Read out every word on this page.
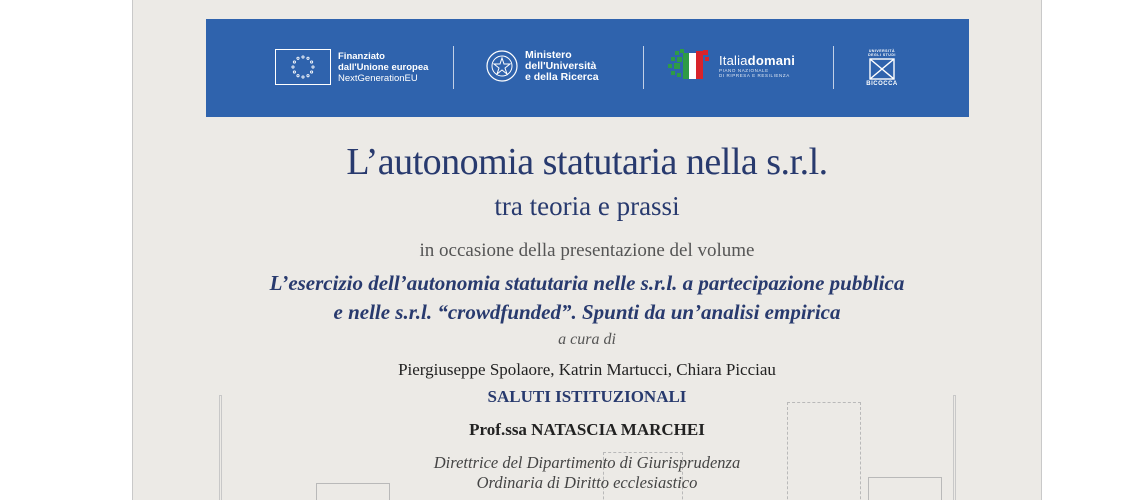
Finanziato
dall'Unione europea
NextGenerationEU
Ministero
dell'Università
e della Ricerca
Italiadomani
PIANO NAZIONALE
DI RIPRESA E RESILIENZA
UNIVERSITÀ DEGLI STUDI
BICOCCA
L’autonomia statutaria nella s.r.l.
tra teoria e prassi
in occasione della presentazione del volume
L’esercizio dell’autonomia statutaria nelle s.r.l. a partecipazione pubblica
e nelle s.r.l. “crowdfunded”. Spunti da un’analisi empirica
a cura di
Piergiuseppe Spolaore, Katrin Martucci, Chiara Picciau
SALUTI ISTITUZIONALI
Prof.ssa NATASCIA MARCHEI
Direttrice del Dipartimento di Giurisprudenza
Ordinaria di Diritto ecclesiastico
